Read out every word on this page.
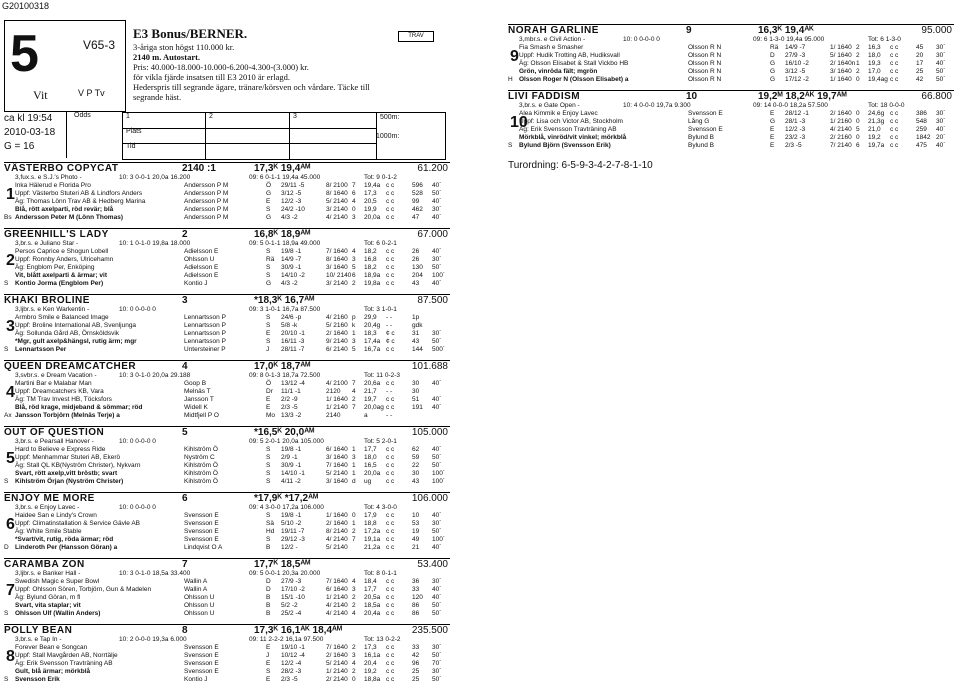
G20100318
5	V65-3
Vit	V P Tv
ca kl 19:54
2010-03-18
G = 16
Odds
E3 Bonus/BERNER.
3-åriga ston högst 110.000 kr.
2140 m. Autostart.
Pris: 40.000-18.000-10.000-6.200-4.300-(3.000) kr.
för vikla fjärde insatsen till E3 2010 är erlagd.
Hederspris till segrande ägare, tränare/körsven och vårdare. Täcke till
segrande häst.
TRAV
1	2	3
Plats
Tid
500m:
1000m:
VÄSTERBO COPYCAT	2140 :1	17,3ᴷ 19,4ᴬᴹ	61.200
3,fux.s. e S.J.'s Photo -	10: 3 0-0-1 20,0a 16.200	09: 6 0-1-1 19,4a 45.000	Tot: 9 0-1-2
Inka Hälerud e Florida Pro	Andersson P M	Ö 29/11 -5	8/ 2100 7 19,4a c c	596 40´
Uppf: Västerbo Stuteri AB & Lindfors Anders	Andersson P M	G 3/12 -5	8/ 1640 6 17,3 c c	528 50´
Äg: Thomas Lönn Trav AB & Hedberg Marina	Andersson P M	E 12/2 -3	5/ 2140 4 20,5 c c	99 40´
Blå, rött axelparti, röd revär; blå	Andersson P M	S 24/2 -10	3/ 2140 0 19,9 c c	462 30´
Andersson Peter M (Lönn Thomas)	Andersson P M	G 4/3 -2	4/ 2140 3 20,0a c c	47 40´
Bs
1
GREENHILL'S LADY	2	16,8ᴷ 18,9ᴬᴹ	67.000
3,br.s. e Juliano Star -	10: 1 0-1-0 19,8a 18.000	09: 5 0-1-1 18,9a 49.000	Tot: 6 0-2-1
Persos Caprice e Shogun Lobell	Adielsson E	S 19/8 -1	7/ 1640 4 18,2 c c	26 40´
Uppf: Ronnby Anders, Ulricehamn	Ohlsson U	Rä 14/9 -7	8/ 1640 3 16,8 c c	26 30´
Äg: Engblom Per, Enköping	Adielsson E	S 30/9 -1	3/ 1640 5 18,2 c c	130 50´
Vit, blått axelparti & ärmar; vit	Adielsson E	S 14/10 -2	10/ 2140 6 18,9a c c	204 100´
Kontio Jorma (Engblom Per)	Kontio J	G 4/3 -2	3/ 2140 2 19,8a c c	43 40´
S
2
KHAKI BROLINE	3	*18,3ᴷ 16,7ᴬᴹ	87.500
3,ljbr.s. e Ken Warkentin -	10: 0 0-0-0 0	09: 3 1-0-1 16,7a 87.500	Tot: 3 1-0-1
Armbro Smile e Balanced Image	Lennartsson P	S 24/6 -p	4/ 2160 p 29,9 - -	1p
Uppf: Broline International AB, Svenljunga	Lennartsson P	S 5/8 -k	5/ 2160 k 20,4g - -	gdk
Äg: Sollunda Gård AB, Örnsköldsvik	Lennartsson P	E 20/10 -1	2/ 1640 1 18,3 ¢ c	31 30´
*Mgr, gult axelp&hängsl, rutig ärm; mgr	Lennartsson P	S 16/11 -3	9/ 2140 3 17,4a ¢ c	43 50´
Lennartsson Per	Untersteiner P	J 28/11 -7	6/ 2140 5 16,7a c c	144 500´
S
3
QUEEN DREAMCATCHER	4	17,0ᴷ 18,7ᴬᴹ	101.688
3,svbr.s. e Dream Vacation -	10: 3 0-1-0 20,0a 29.188	09: 8 0-1-3 18,7a 72.500	Tot: 11 0-2-3
Martini Bar e Malabar Man	Goop B	Ö 13/12 -4	4/ 2100 7 20,6a c c	30 40´
Uppf: Dreamcatchers KB, Vara	Melnäs T	Dr 11/1 -1	2120 4 21,7 - -	30
Äg: TM Trav Invest HB, Töcksfors	Jansson T	E 2/2 -9	1/ 1640 2 19,7 c c	51 40´
Blå, röd krage, midjeband & sömmar; röd	Widell K	E 2/3 -5	1/ 2140 7 20,0ag c c	191 40´
Jansson Torbjörn (Melnäs Terje) a	Midtfjell P O	Mo 13/3 -2	2140	a	- -
Ax
4
OUT OF QUESTION	5	*16,5ᴷ 20,0ᴬᴹ	105.000
3,br.s. e Pearsall Hanover -	10: 0 0-0-0 0	09: 5 2-0-1 20,0a 105.000	Tot: 5 2-0-1
Hard to Believe e Express Ride	Kihlström Ö	S 19/8 -1	6/ 1640 1 17,7 c c	62 40´
Uppf: Menhammar Stuteri AB, Ekerö	Nyström C	S 2/9 -1	3/ 1640 3 18,0 c c	59 50´
Äg: Stall QL KB(Nyström Christer), Nykvarn	Kihlström Ö	S 30/9 -1	7/ 1640 1 16,5 c c	22 50´
Svart, rött axelp,vitt bröstb; svart	Kihlström Ö	S 14/10 -1	5/ 2140 1 20,0a c c	30 100´
Kihlström Örjan (Nyström Christer)	Kihlström Ö	S 4/11 -2	3/ 1640 d ug c c	43 100´
S
5
ENJOY ME MORE	6	*17,9ᴷ *17,2ᴬᴹ	106.000
3,br.s. e Enjoy Lavec -	10: 0 0-0-0 0	09: 4 3-0-0 17,2a 106.000	Tot: 4 3-0-0
Haidee San e Lindy's Crown	Svensson E	S 19/8 -1	1/ 1640 0 17,9 c c	10 40´
Uppf: Climatinstallation & Service Gävle AB	Svensson E	Sä 5/10 -2	2/ 1640 1 18,8 c c	53 30´
Äg: White Smile Stable	Svensson E	Hd 19/11 -7	8/ 2140 2 17,2a c c	19 50´
*Svart/vit, rutig, röda ärmar; röd	Svensson E	S 29/12 -3	4/ 2140 7 19,1a c c	49 100´
Linderoth Per (Hansson Göran) a	Lindqvist O A	B 12/2 -	5/ 2140	21,2a c c	21 40´
D
6
CARAMBA ZON	7	17,7ᴷ 18,5ᴬᴹ	53.400
3,ljbr.s. e Banker Hall -	10: 3 0-1-0 18,5a 33.400	09: 5 0-0-1 20,3a 20.000	Tot: 8 0-1-1
Swedish Magic e Super Bowl	Wallin A	D 27/9 -3	7/ 1640 4 18,4 c c	36 30´
Uppf: Ohlsson Sören, Torbjörn, Gun & Madelen	Wallin A	D 17/10 -2	6/ 1640 3 17,7 c c	33 40´
Äg: Bylund Göran, m fl	Ohlsson U	B 15/1 -10	1/ 2140 2 20,5a c c	120 40´
Svart, vita staplar; vit	Ohlsson U	B 5/2 -2	4/ 2140 2 18,5a c c	86 50´
Ohlsson Ulf (Wallin Anders)	Ohlsson U	B 25/2 -4	4/ 2140 4 20,4a c c	86 50´
S
7
POLLY BEAN	8	17,3ᴷ 16,1ᴬᴷ 18,4ᴬᴹ	235.500
3,br.s. e Tap In -	10: 2 0-0-0 19,3a 6.000	09: 11 2-2-2 16,1a 97.500	Tot: 13 0-2-2
Forever Bean e Songcan	Svensson E	E 19/10 -1	7/ 1640 2 17,3 c c	33 30´
Uppf: Stall Mavgården AB, Norrtälje	Svensson E	J 10/12 -4	2/ 1640 3 16,1a c c	42 50´
Äg: Erik Svensson Travträning AB	Svensson E	E 12/2 -4	5/ 2140 4 20,4 c c	96 70´
Gult, blå ärmar; mörkblå	Svensson E	S 28/2 -3	1/ 2140 2 19,2 c c	25 30´
Svensson Erik	Kontio J	E 2/3 -5	2/ 2140 0 18,8a c c	25 50´
S
8
NORAH GARLINE	9	16,3ᴷ 19,4ᴬᴷ	95.000
3,mbr.s. e Civil Action -	10: 0 0-0-0 0	09: 6 1-3-0 19,4a 95.000	Tot: 6 1-3-0
Fia Smash e Smasher	Olsson R N	Rä 14/9 -7	1/ 1640 2 16,3 c c	45 30´
Uppf: Hudik Trotting AB, Hudiksvall	Olsson R N	D 27/9 -3	5/ 1640 2 18,0 c c	20 30´
Äg: Olsson Elisabet & Stall Vickbo HB	Olsson R N	G 16/10 -2	2/ 1640n 1 19,3 c c	17 40´
Grön, vinröda fält; mgrön	Olsson R N	G 3/12 -5	3/ 1640 2 17,0 c c	25 50´
Olsson Roger N (Olsson Elisabet) a	Olsson R N	G 17/12 -2	1/ 1640 0 19,4ag c c	42 50´
H
9
LIVI FADDISM	10	19,2ᴹ 18,2ᴬᴷ 19,7ᴬᴹ	66.800
3,br.s. e Gate Open -	10: 4 0-0-0 19,7a 9.300	09: 14 0-0-0 18,2a 57.500	Tot: 18 0-0-0
Alea Kimmik e Enjoy Lavec	Svensson E	E 28/12 -1	2/ 1640 0 24,6g c c	386 30´
Uppf: Lisa och Victor AB, Stockholm	Lång G	G 28/1 -3	1/ 2160 0 21,3g c c	548 30´
Äg: Erik Svensson Travträning AB	Svensson E	E 12/2 -3	4/ 2140 5 21,0 c c	259 40´
Mörkblå, vinröd/vit vinkel; mörkblå	Bylund B	E 23/2 -3	2/ 2160 0 19,2 c c	1842 20´
Bylund Björn (Svensson Erik)	Bylund B	E 2/3 -5	7/ 2140 6 19,7a c c	475 40´
S
10
Turordning: 6-5-9-3-4-2-7-8-1-10
